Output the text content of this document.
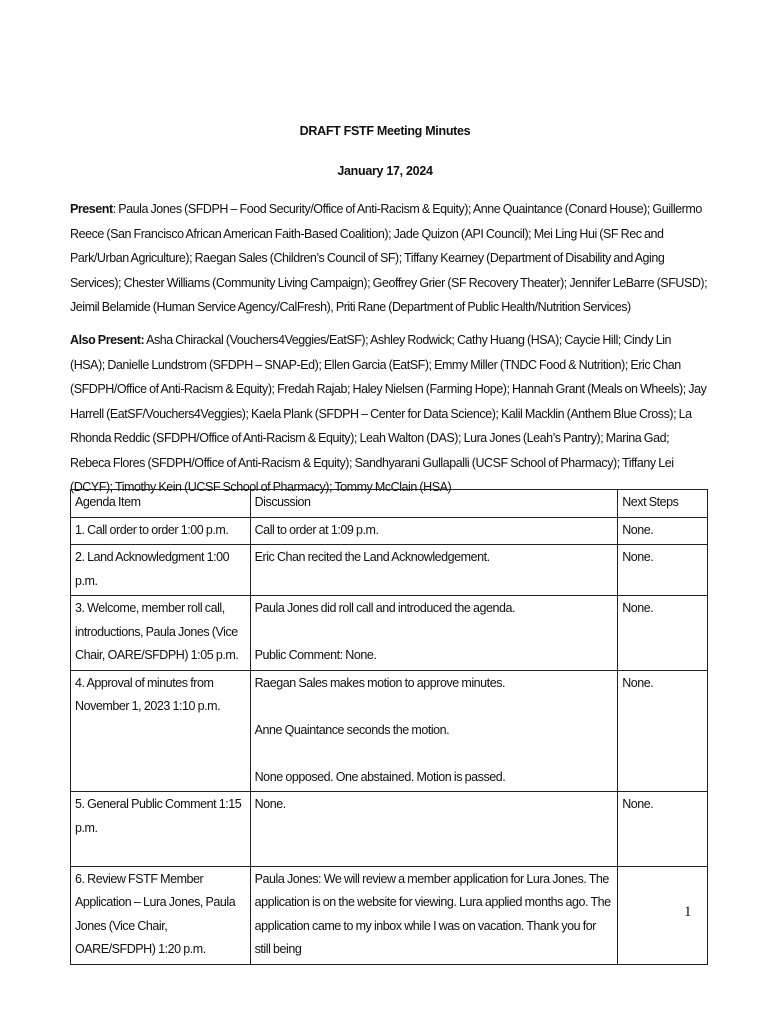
DRAFT FSTF Meeting Minutes
January 17, 2024
Present: Paula Jones (SFDPH – Food Security/Office of Anti-Racism & Equity); Anne Quaintance (Conard House); Guillermo Reece (San Francisco African American Faith-Based Coalition); Jade Quizon (API Council); Mei Ling Hui (SF Rec and Park/Urban Agriculture); Raegan Sales (Children’s Council of SF); Tiffany Kearney (Department of Disability and Aging Services); Chester Williams (Community Living Campaign); Geoffrey Grier (SF Recovery Theater); Jennifer LeBarre (SFUSD); Jeimil Belamide (Human Service Agency/CalFresh), Priti Rane (Department of Public Health/Nutrition Services)
Also Present: Asha Chirackal (Vouchers4Veggies/EatSF); Ashley Rodwick; Cathy Huang (HSA); Caycie Hill; Cindy Lin (HSA); Danielle Lundstrom (SFDPH – SNAP-Ed); Ellen Garcia (EatSF); Emmy Miller (TNDC Food & Nutrition); Eric Chan (SFDPH/Office of Anti-Racism & Equity); Fredah Rajab; Haley Nielsen (Farming Hope); Hannah Grant (Meals on Wheels); Jay Harrell (EatSF/Vouchers4Veggies); Kaela Plank (SFDPH – Center for Data Science); Kalil Macklin (Anthem Blue Cross); La Rhonda Reddic (SFDPH/Office of Anti-Racism & Equity); Leah Walton (DAS); Lura Jones (Leah’s Pantry); Marina Gad; Rebeca Flores (SFDPH/Office of Anti-Racism & Equity); Sandhyarani Gullapalli (UCSF School of Pharmacy); Tiffany Lei (DCYF); Timothy Kein (UCSF School of Pharmacy); Tommy McClain (HSA)
Agenda Item	Discussion	Next Steps
1. Call order to order 1:00 p.m.	Call to order at 1:09 p.m.	None.
2. Land Acknowledgment 1:00 p.m.	Eric Chan recited the Land Acknowledgement.	None.
3. Welcome, member roll call, introductions, Paula Jones (Vice Chair, OARE/SFDPH) 1:05 p.m.	Paula Jones did roll call and introduced the agenda.
Public Comment: None.	None.
4. Approval of minutes from November 1, 2023 1:10 p.m.	Raegan Sales makes motion to approve minutes.
Anne Quaintance seconds the motion.
None opposed. One abstained. Motion is passed.	None.
5. General Public Comment 1:15 p.m.	None.	None.
6. Review FSTF Member Application – Lura Jones, Paula Jones (Vice Chair, OARE/SFDPH) 1:20 p.m.	Paula Jones: We will review a member application for Lura Jones. The application is on the website for viewing. Lura applied months ago. The application came to my inbox while I was on vacation. Thank you for still being	
1
